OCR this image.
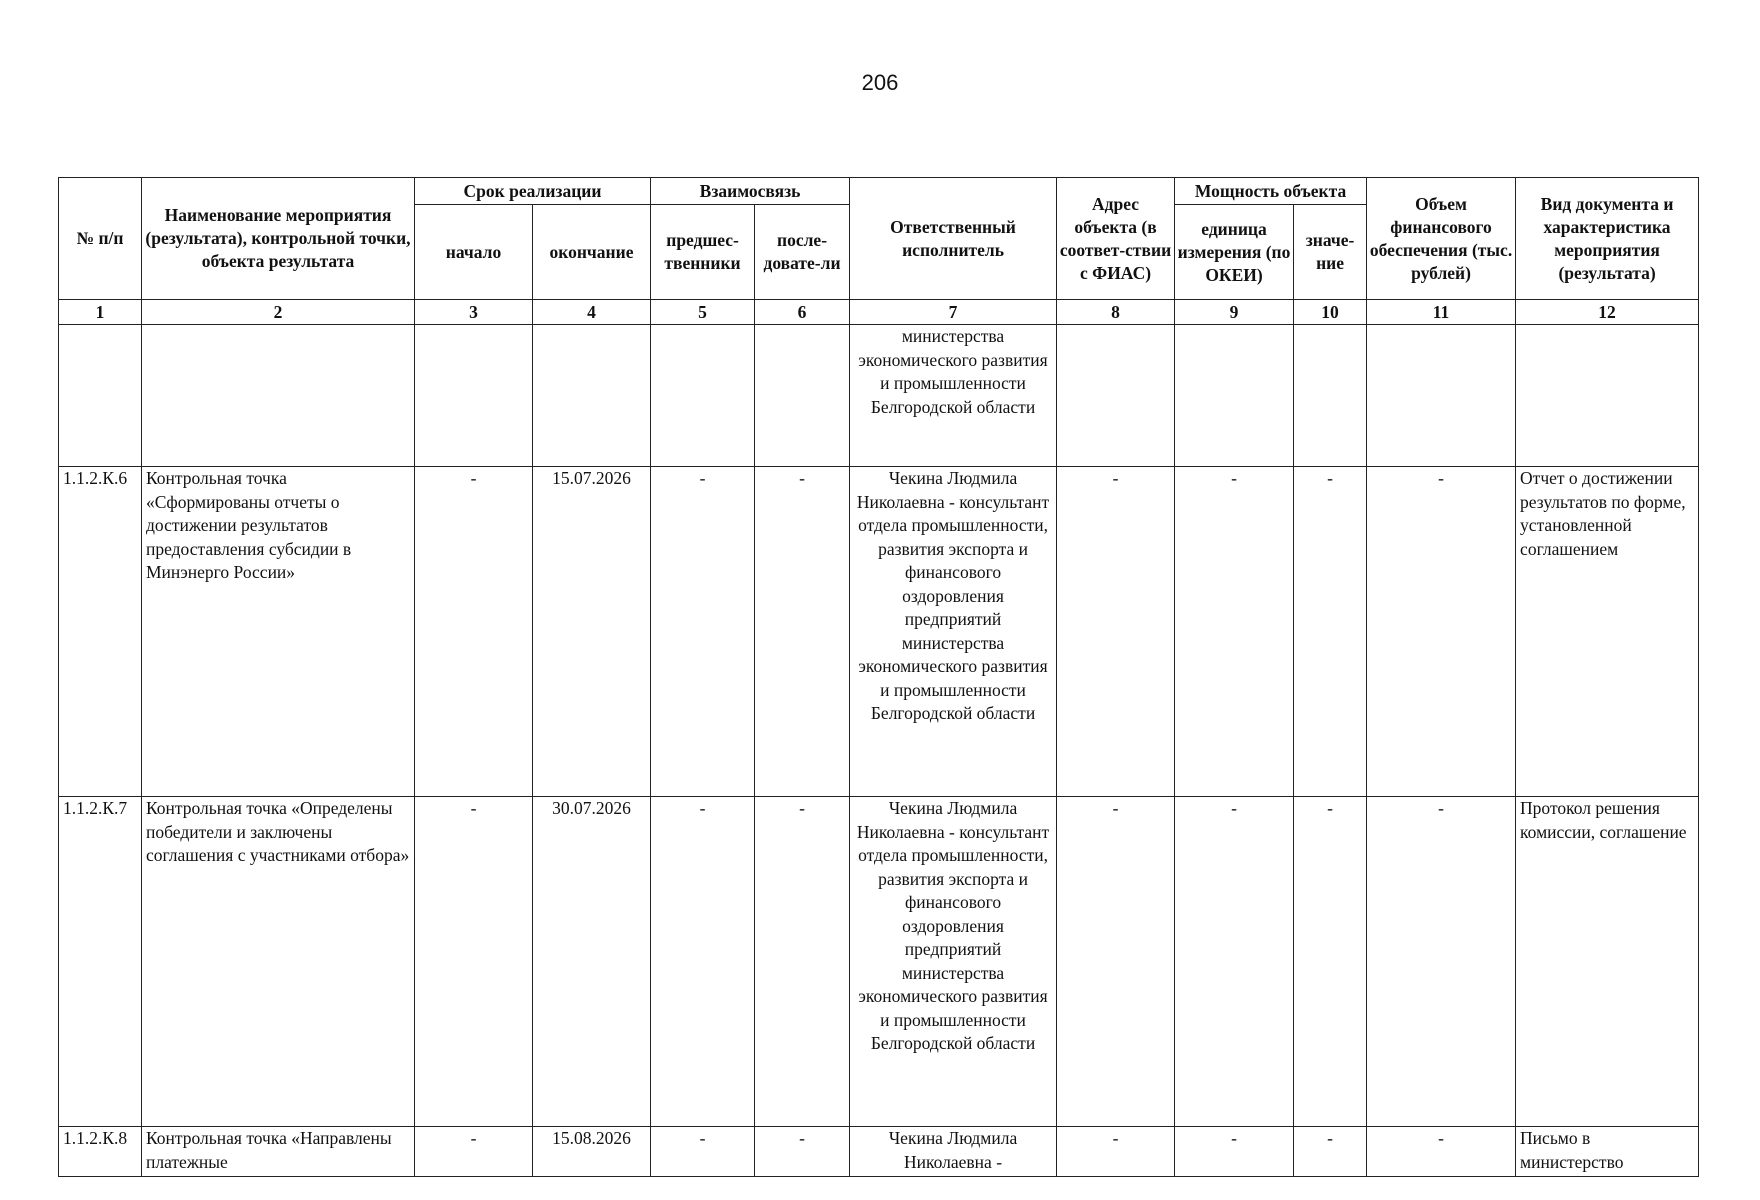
206
№ п/п	Наименование мероприятия (результата), контрольной точки, объекта результата	Срок реализации		Взаимосвязь		Ответственный исполнитель	Адрес объекта (в соответ-ствии с ФИАС)	Мощность объекта		Объем финансового обеспечения (тыс. рублей)	Вид документа и характеристика мероприятия (результата)
		начало	окончание	предшес-твенники	после-довате-ли			единица измерения (по ОКЕИ)	значе-ние		
1	2	3	4	5	6	7	8	9	10	11	12
						министерства экономического развития и промышленности Белгородской области					
1.1.2.К.6	Контрольная точка «Сформированы отчеты о достижении результатов предоставления субсидии в Минэнерго России»	-	15.07.2026	-	-	Чекина Людмила Николаевна - консультант отдела промышленности, развития экспорта и финансового оздоровления предприятий министерства экономического развития и промышленности Белгородской области	-	-	-	-	Отчет о достижении результатов по форме, установленной соглашением
1.1.2.К.7	Контрольная точка «Определены победители и заключены соглашения с участниками отбора»	-	30.07.2026	-	-	Чекина Людмила Николаевна - консультант отдела промышленности, развития экспорта и финансового оздоровления предприятий министерства экономического развития и промышленности Белгородской области	-	-	-	-	Протокол решения комиссии, соглашение
1.1.2.К.8	Контрольная точка «Направлены платежные	-	15.08.2026	-	-	Чекина Людмила Николаевна -	-	-	-	-	Письмо в министерство
